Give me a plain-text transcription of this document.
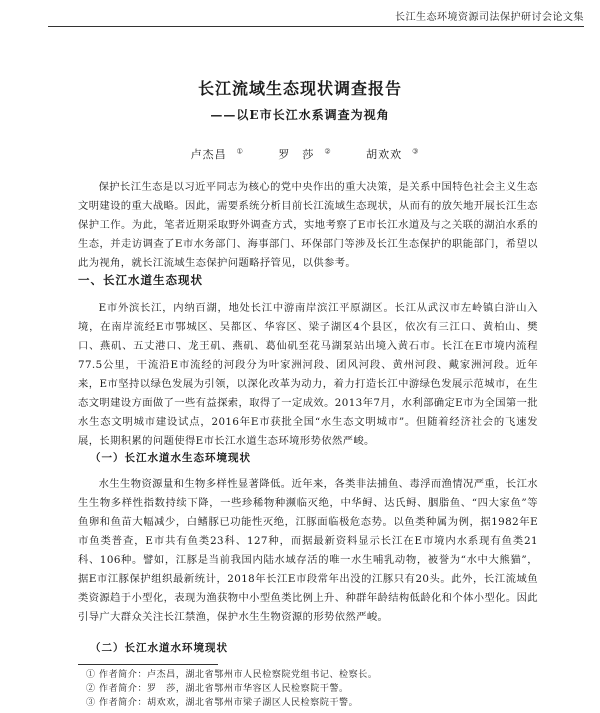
长江生态环境资源司法保护研讨会论文集
长江流域生态现状调查报告
——以E市长江水系调查为视角
卢杰昌 ①	罗　莎 ②	胡欢欢 ③
保护长江生态是以习近平同志为核心的党中央作出的重大决策，是关系中国特色社会主义生态文明建设的重大战略。因此，需要系统分析目前长江流域生态现状，从而有的放矢地开展长江生态保护工作。为此，笔者近期采取野外调查方式，实地考察了E市长江水道及与之关联的湖泊水系的生态，并走访调查了E市水务部门、海事部门、环保部门等涉及长江生态保护的职能部门，希望以此为视角，就长江流域生态保护问题略抒管见，以供参考。
一、长江水道生态现状
E市外滨长江，内纳百湖，地处长江中游南岸滨江平原湖区。长江从武汉市左岭镇白浒山入境，在南岸流经E市鄂城区、吴都区、华容区、梁子湖区4个县区，依次有三江口、黄柏山、樊口、燕矶、五丈港口、龙王矶、燕矶、葛仙矶至花马湖泵站出境入黄石市。长江在E市境内流程77.5公里，干流沿E市流经的河段分为叶家洲河段、团风河段、黄州河段、戴家洲河段。近年来，E市坚持以绿色发展为引领，以深化改革为动力，着力打造长江中游绿色发展示范城市，在生态文明建设方面做了一些有益探索，取得了一定成效。2013年7月，水利部确定E市为全国第一批水生态文明城市建设试点，2016年E市获批全国“水生态文明城市”。但随着经济社会的飞速发展，长期积累的问题使得E市长江水道生态环境形势依然严峻。
（一）长江水道水生态环境现状
水生生物资源量和生物多样性显著降低。近年来，各类非法捕鱼、毒浮而渔情况严重，长江水生生物多样性指数持续下降，一些珍稀物种濒临灭绝，中华鲟、达氏鲟、胭脂鱼、“四大家鱼”等鱼卵和鱼苗大幅减少，白鳍豚已功能性灭绝，江豚面临极危态势。以鱼类种属为例，据1982年E市鱼类普查，E市共有鱼类23科、127种，而据最新资料显示长江在E市境内水系现有鱼类21科、106种。譬如，江豚是当前我国内陆水域存活的唯一水生哺乳动物，被誉为“水中大熊猫”，据E市江豚保护组织最新统计，2018年长江E市段常年出没的江豚只有20头。此外，长江流域鱼类资源趋于小型化，表现为渔获物中小型鱼类比例上升、种群年龄结构低龄化和个体小型化。因此引导广大群众关注长江禁渔，保护水生生物资源的形势依然严峻。
（二）长江水道水环境现状
① 作者简介：卢杰昌，湖北省鄂州市人民检察院党组书记、检察长。
② 作者简介：罗　莎，湖北省鄂州市华容区人民检察院干警。
③ 作者简介：胡欢欢，湖北省鄂州市梁子湖区人民检察院干警。
